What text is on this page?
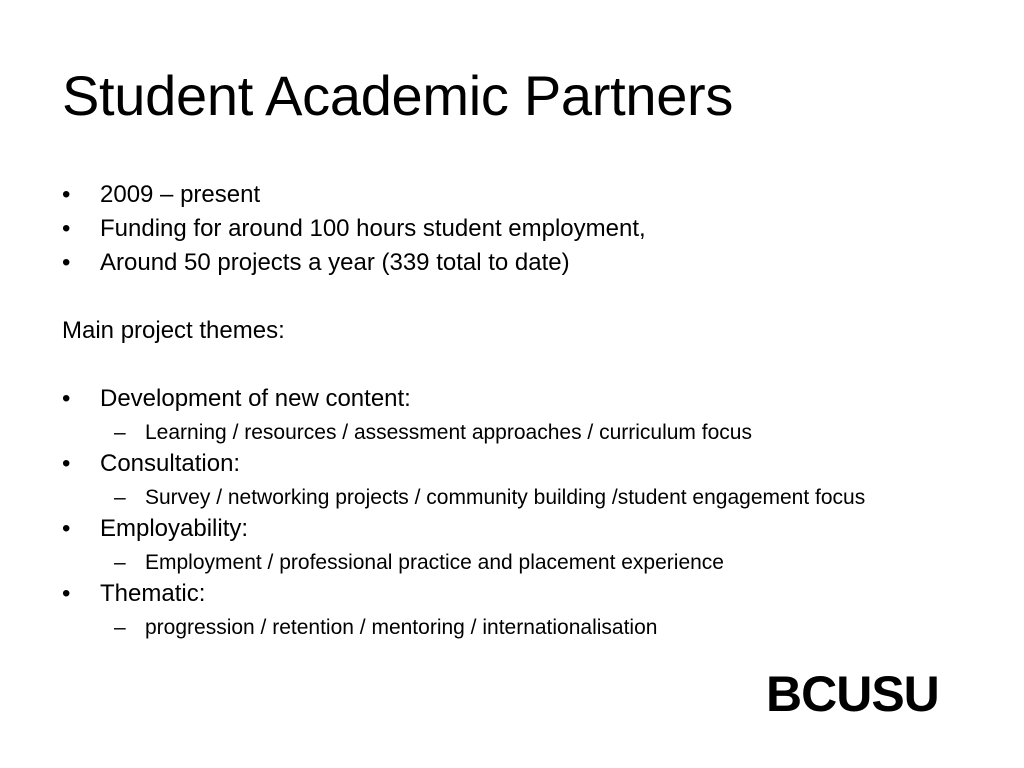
Student Academic Partners
•	2009 – present
•	Funding for around 100 hours student employment,
•	Around 50 projects a year (339 total to date)
Main project themes:
•	Development of new content:
– Learning / resources / assessment approaches / curriculum focus
•	Consultation:
– Survey / networking projects / community building /student engagement focus
•	Employability:
– Employment / professional practice and placement experience
•	Thematic:
– progression / retention / mentoring / internationalisation
BCUSU
